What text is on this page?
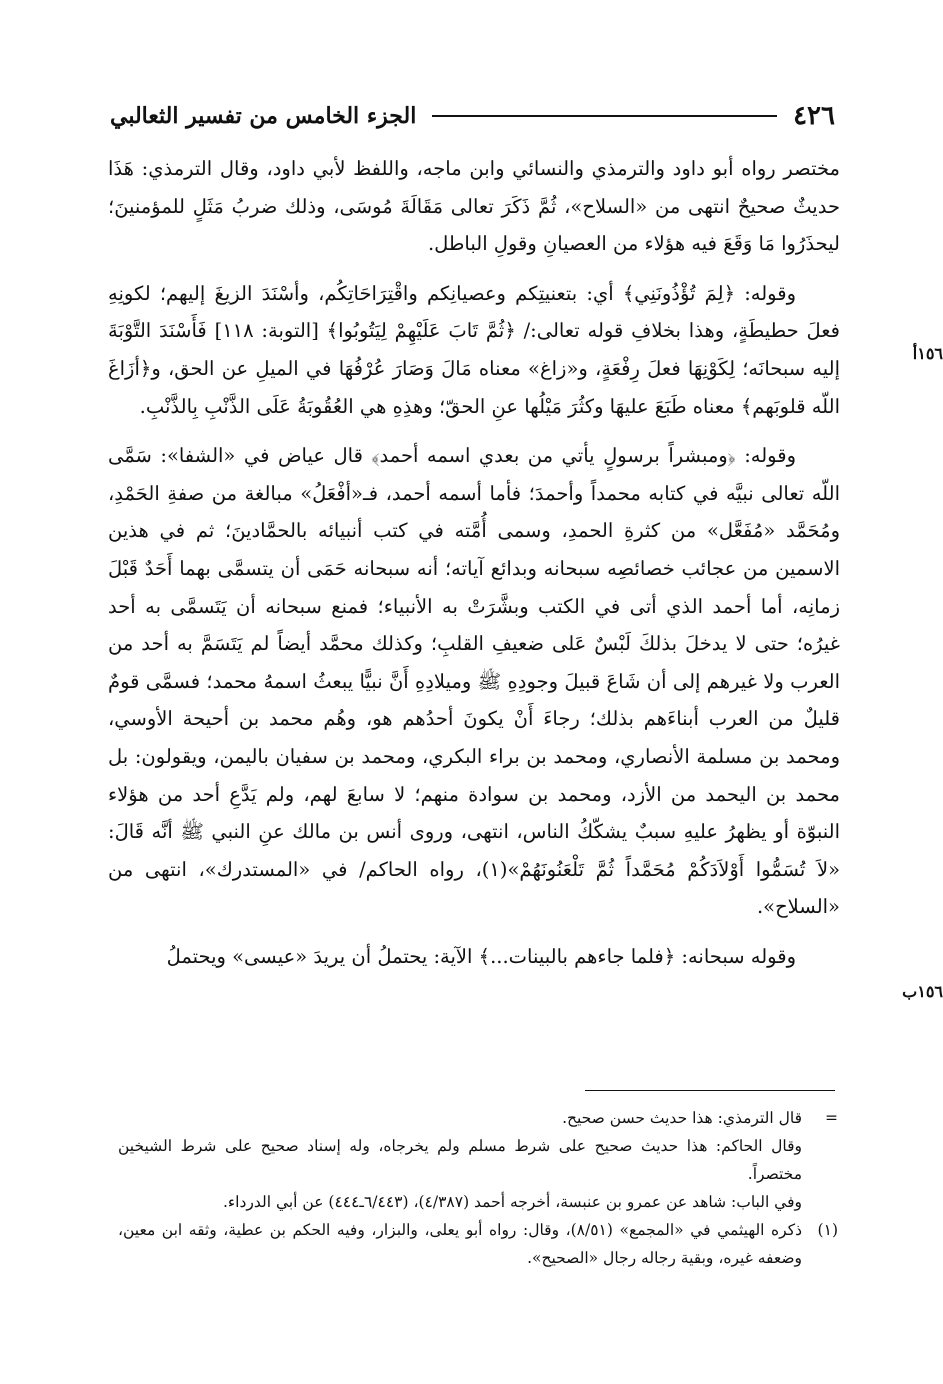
٤٢٦
الجزء الخامس من تفسير الثعالبي
١٥٦أ
١٥٦ب

مختصر رواه أبو داود والترمذي والنسائي وابن ماجه، واللفظ لأبي داود، وقال الترمذي: هَذَا حديثٌ صحيحٌ انتهى من «السلاح»، ثُمَّ ذَكَرَ تعالى مَقَالَةَ مُوسَى، وذلك ضربُ مَثَلٍ للمؤمنينَ؛ ليحذَرُوا مَا وَقَعَ فيه هؤلاء من العصيانِ وقولِ الباطل.

وقوله: ﴿لِمَ تُؤْذُونَنِي﴾ أي: بتعنيتِكم وعصيانِكم واقْتِرَاحَاتِكُم، وأسْنَدَ الزيغَ إليهم؛ لكونِهِ فعلَ حطيطَةٍ، وهذا بخلافِ قوله تعالى:/ ﴿ثُمَّ تَابَ عَلَيْهِمْ لِيَتُوبُوا﴾ [التوبة: ١١٨] فَأَسْنَدَ التَّوْبَةَ إليه سبحانَه؛ لِكَوْنِهَا فعلَ رِفْعَةٍ، و«زاغ» معناه مَالَ وَصَارَ عُرْفُهَا في الميلِ عن الحق، و﴿أزَاغَ اللّه قلوبَهم﴾ معناه طَبَعَ عليهَا وكثُرَ مَيْلُها عنِ الحقّ؛ وهذِهِ هي العُقُوبَةُ عَلَى الذَّنْبِ بِالذَّنْبِ.

وقوله: ﴿ومبشراً برسولٍ يأتي من بعدي اسمه أحمد﴾ قال عياض في «الشفا»: سَمَّى اللّه تعالى نبيَّه في كتابه محمداً وأحمدَ؛ فأما أسمه أحمد، فـ«أفْعَلُ» مبالغة من صفةِ الحَمْدِ، ومُحَمَّد «مُفَعَّل» من كثرةِ الحمدِ، وسمى أُمَّته في كتب أنبيائه بالحمَّادينَ؛ ثم في هذين الاسمين من عجائب خصائصِه سبحانه وبدائع آياته؛ أنه سبحانه حَمَى أن يتسمَّى بهما أَحَدٌ قَبْلَ زمانِه، أما أحمد الذي أتى في الكتب وبشَّرَتْ به الأنبياء؛ فمنع سبحانه أن يَتَسمَّى به أحد غيرُه؛ حتى لا يدخلَ بذلكَ لَبْسٌ عَلى ضعيفِ القلبِ؛ وكذلك محمَّد أيضاً لم يَتَسَمَّ به أحد من العرب ولا غيرهم إلى أن شَاعَ قبيلَ وجودِهِ ﷺ وميلادِهِ أَنَّ نبيًّا يبعثُ اسمهُ محمد؛ فسمَّى قومٌ قليلٌ من العرب أبناءَهم بذلك؛ رجاءَ أَنْ يكونَ أحدُهم هو، وهُم محمد بن أحيحة الأوسي، ومحمد بن مسلمة الأنصاري، ومحمد بن براء البكري، ومحمد بن سفيان باليمن، ويقولون: بل محمد بن اليحمد من الأزد، ومحمد بن سوادة منهم؛ لا سابعَ لهم، ولم يَدَّعِ أحد من هؤلاء النبوّة أو يظهرُ عليهِ سببٌ يشكّكُ الناس، انتهى، وروى أنس بن مالك عنِ النبي ﷺ أنَّه قَالَ: «لاَ تُسَمُّوا أَوْلاَدَكُمْ مُحَمَّداً ثُمَّ تَلْعَنُونَهُمْ»(١)، رواه الحاكم/ في «المستدرك»، انتهى من «السلاح».

وقوله سبحانه: ﴿فلما جاءهم بالبينات...﴾ الآية: يحتملُ أن يريدَ «عيسى» ويحتملُ

=
قال الترمذي: هذا حديث حسن صحيح.
وقال الحاكم: هذا حديث صحيح على شرط مسلم ولم يخرجاه، وله إسناد صحيح على شرط الشيخين مختصراً.
وفي الباب: شاهد عن عمرو بن عنبسة، أخرجه أحمد (٤/٣٨٧)، (٦/٤٤٣ـ٤٤٤) عن أبي الدرداء.
(١)
ذكره الهيثمي في «المجمع» (٨/٥١)، وقال: رواه أبو يعلى، والبزار، وفيه الحكم بن عطية، وثقه ابن معين، وضعفه غيره، وبقية رجاله رجال «الصحيح».
